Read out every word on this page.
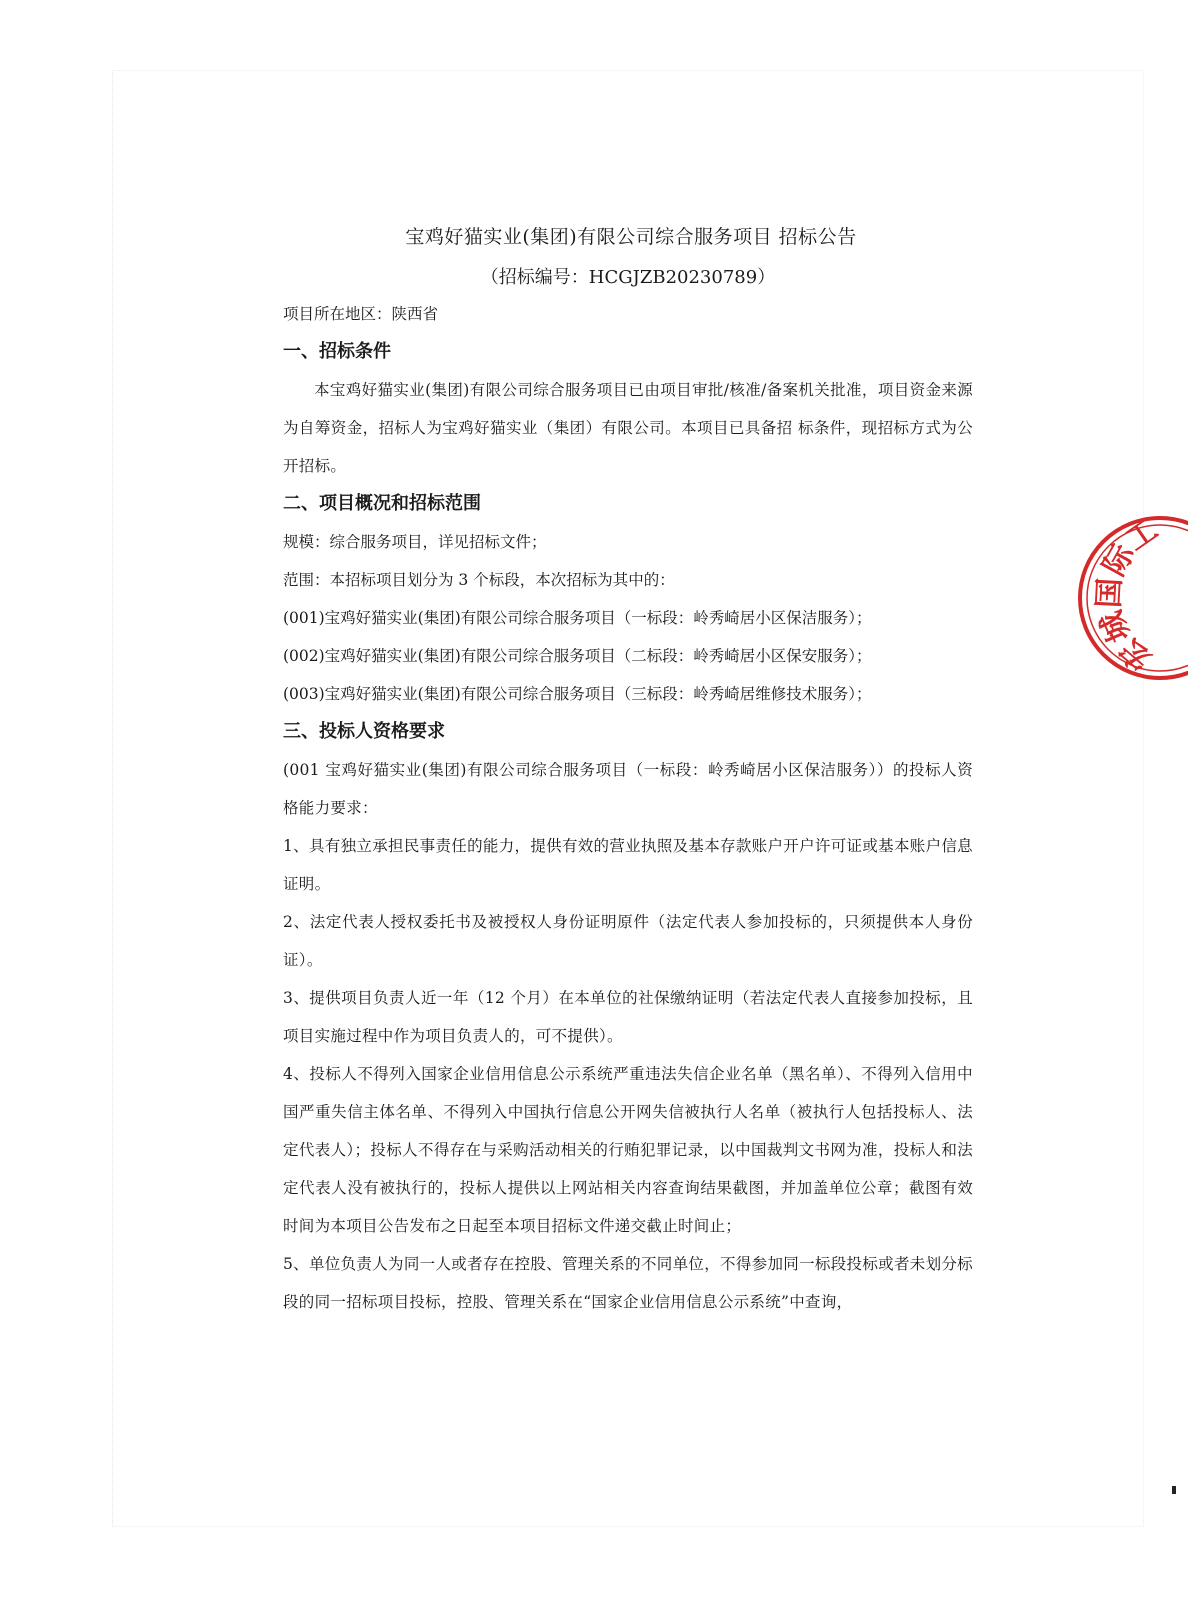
宝鸡好猫实业(集团)有限公司综合服务项目 招标公告

（招标编号：HCGJZB20230789）

项目所在地区：陕西省

一、招标条件

本宝鸡好猫实业(集团)有限公司综合服务项目已由项目审批/核准/备案机关批准，项目资金来源为自筹资金，招标人为宝鸡好猫实业（集团）有限公司。本项目已具备招 标条件，现招标方式为公开招标。

二、项目概况和招标范围

规模：综合服务项目，详见招标文件；

范围：本招标项目划分为 3 个标段，本次招标为其中的：

(001)宝鸡好猫实业(集团)有限公司综合服务项目（一标段：岭秀崎居小区保洁服务）；

(002)宝鸡好猫实业(集团)有限公司综合服务项目（二标段：岭秀崎居小区保安服务）；

(003)宝鸡好猫实业(集团)有限公司综合服务项目（三标段：岭秀崎居维修技术服务）；

三、投标人资格要求

(001 宝鸡好猫实业(集团)有限公司综合服务项目（一标段：岭秀崎居小区保洁服务））的投标人资格能力要求：

1、具有独立承担民事责任的能力，提供有效的营业执照及基本存款账户开户许可证或基本账户信息证明。

2、法定代表人授权委托书及被授权人身份证明原件（法定代表人参加投标的，只须提供本人身份证）。

3、提供项目负责人近一年（12 个月）在本单位的社保缴纳证明（若法定代表人直接参加投标，且项目实施过程中作为项目负责人的，可不提供）。

4、投标人不得列入国家企业信用信息公示系统严重违法失信企业名单（黑名单）、不得列入信用中国严重失信主体名单、不得列入中国执行信息公开网失信被执行人名单（被执行人包括投标人、法定代表人）；投标人不得存在与采购活动相关的行贿犯罪记录，以中国裁判文书网为准，投标人和法定代表人没有被执行的，投标人提供以上网站相关内容查询结果截图，并加盖单位公章；截图有效时间为本项目公告发布之日起至本项目招标文件递交截止时间止；

5、单位负责人为同一人或者存在控股、管理关系的不同单位，不得参加同一标段投标或者未划分标段的同一招标项目投标，控股、管理关系在“国家企业信用信息公示系统”中查询，

宏城国际工
